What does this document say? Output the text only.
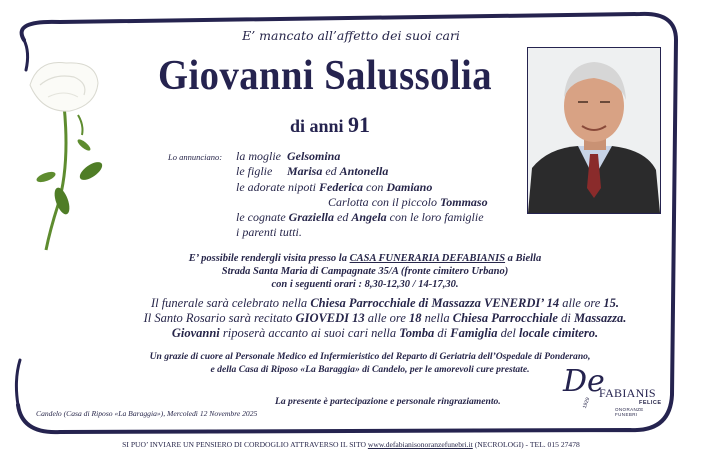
E’ mancato all’affetto dei suoi cari
Giovanni Salussolia
di anni 91
Lo annunciano: la moglie Gelsomina
le figlie Marisa ed Antonella
le adorate nipoti Federica con Damiano
Carlotta con il piccolo Tommaso
le cognate Graziella ed Angela con le loro famiglie
i parenti tutti.
E’ possibile rendergli visita presso la CASA FUNERARIA DEFABIANIS a Biella
Strada Santa Maria di Campagnate 35/A (fronte cimitero Urbano)
con i seguenti orari : 8,30-12,30 / 14-17,30.
Il funerale sarà celebrato nella Chiesa Parrocchiale di Massazza VENERDI’ 14 alle ore 15.
Il Santo Rosario sarà recitato GIOVEDI 13 alle ore 18 nella Chiesa Parrocchiale di Massazza.
Giovanni riposerà accanto ai suoi cari nella Tomba di Famiglia del locale cimitero.
Un grazie di cuore al Personale Medico ed Infermieristico del Reparto di Geriatria dell’Ospedale di Ponderano,
e della Casa di Riposo «La Baraggia» di Candelo, per le amorevoli cure prestate.
Candelo (Casa di Riposo «La Baraggia»), Mercoledì 12 Novembre 2025
La presente è partecipazione e personale ringraziamento.
De
FABIANIS
FELICE
ONORANZE FUNEBRI
1929
SI PUO’ INVIARE UN PENSIERO DI CORDOGLIO ATTRAVERSO IL SITO www.defabianisonoranzefunebri.it (NECROLOGI) - TEL. 015 27478
